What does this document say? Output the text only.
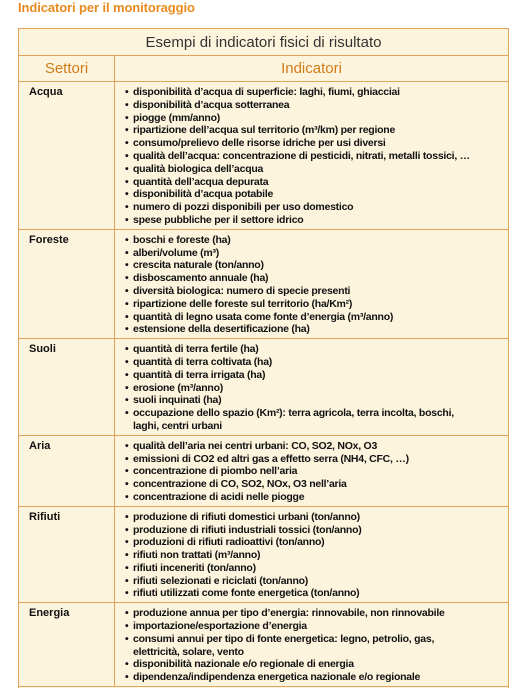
Indicatori per il monitoraggio
Esempi di indicatori fisici di risultato
Settori	Indicatori
Acqua	• disponibilità d’acqua di superficie: laghi, fiumi, ghiacciai
• disponibilità d’acqua sotterranea
• piogge (mm/anno)
• ripartizione dell’acqua sul territorio (m³/km) per regione
• consumo/prelievo delle risorse idriche per usi diversi
• qualità dell’acqua: concentrazione di pesticidi, nitrati, metalli tossici, …
• qualità biologica dell’acqua
• quantità dell’acqua depurata
• disponibilità d’acqua potabile
• numero di pozzi disponibili per uso domestico
• spese pubbliche per il settore idrico
Foreste	• boschi e foreste (ha)
• alberi/volume (m³)
• crescita naturale (ton/anno)
• disboscamento annuale (ha)
• diversità biologica: numero di specie presenti
• ripartizione delle foreste sul territorio (ha/Km²)
• quantità di legno usata come fonte d’energia (m³/anno)
• estensione della desertificazione (ha)
Suoli	• quantità di terra fertile (ha)
• quantità di terra coltivata (ha)
• quantità di terra irrigata (ha)
• erosione (m³/anno)
• suoli inquinati (ha)
• occupazione dello spazio (Km²): terra agricola, terra incolta, boschi, laghi, centri urbani
Aria	• qualità dell’aria nei centri urbani: CO, SO2, NOx, O3
• emissioni di CO2 ed altri gas a effetto serra (NH4, CFC, …)
• concentrazione di piombo nell’aria
• concentrazione di CO, SO2, NOx, O3 nell’aria
• concentrazione di acidi nelle piogge
Rifiuti	• produzione di rifiuti domestici urbani (ton/anno)
• produzione di rifiuti industriali tossici (ton/anno)
• produzioni di rifiuti radioattivi (ton/anno)
• rifiuti non trattati (m³/anno)
• rifiuti inceneriti (ton/anno)
• rifiuti selezionati e riciclati (ton/anno)
• rifiuti utilizzati come fonte energetica (ton/anno)
Energia	• produzione annua per tipo d’energia: rinnovabile, non rinnovabile
• importazione/esportazione d’energia
• consumi annui per tipo di fonte energetica: legno, petrolio, gas, elettricità, solare, vento
• disponibilità nazionale e/o regionale di energia
• dipendenza/indipendenza energetica nazionale e/o regionale
